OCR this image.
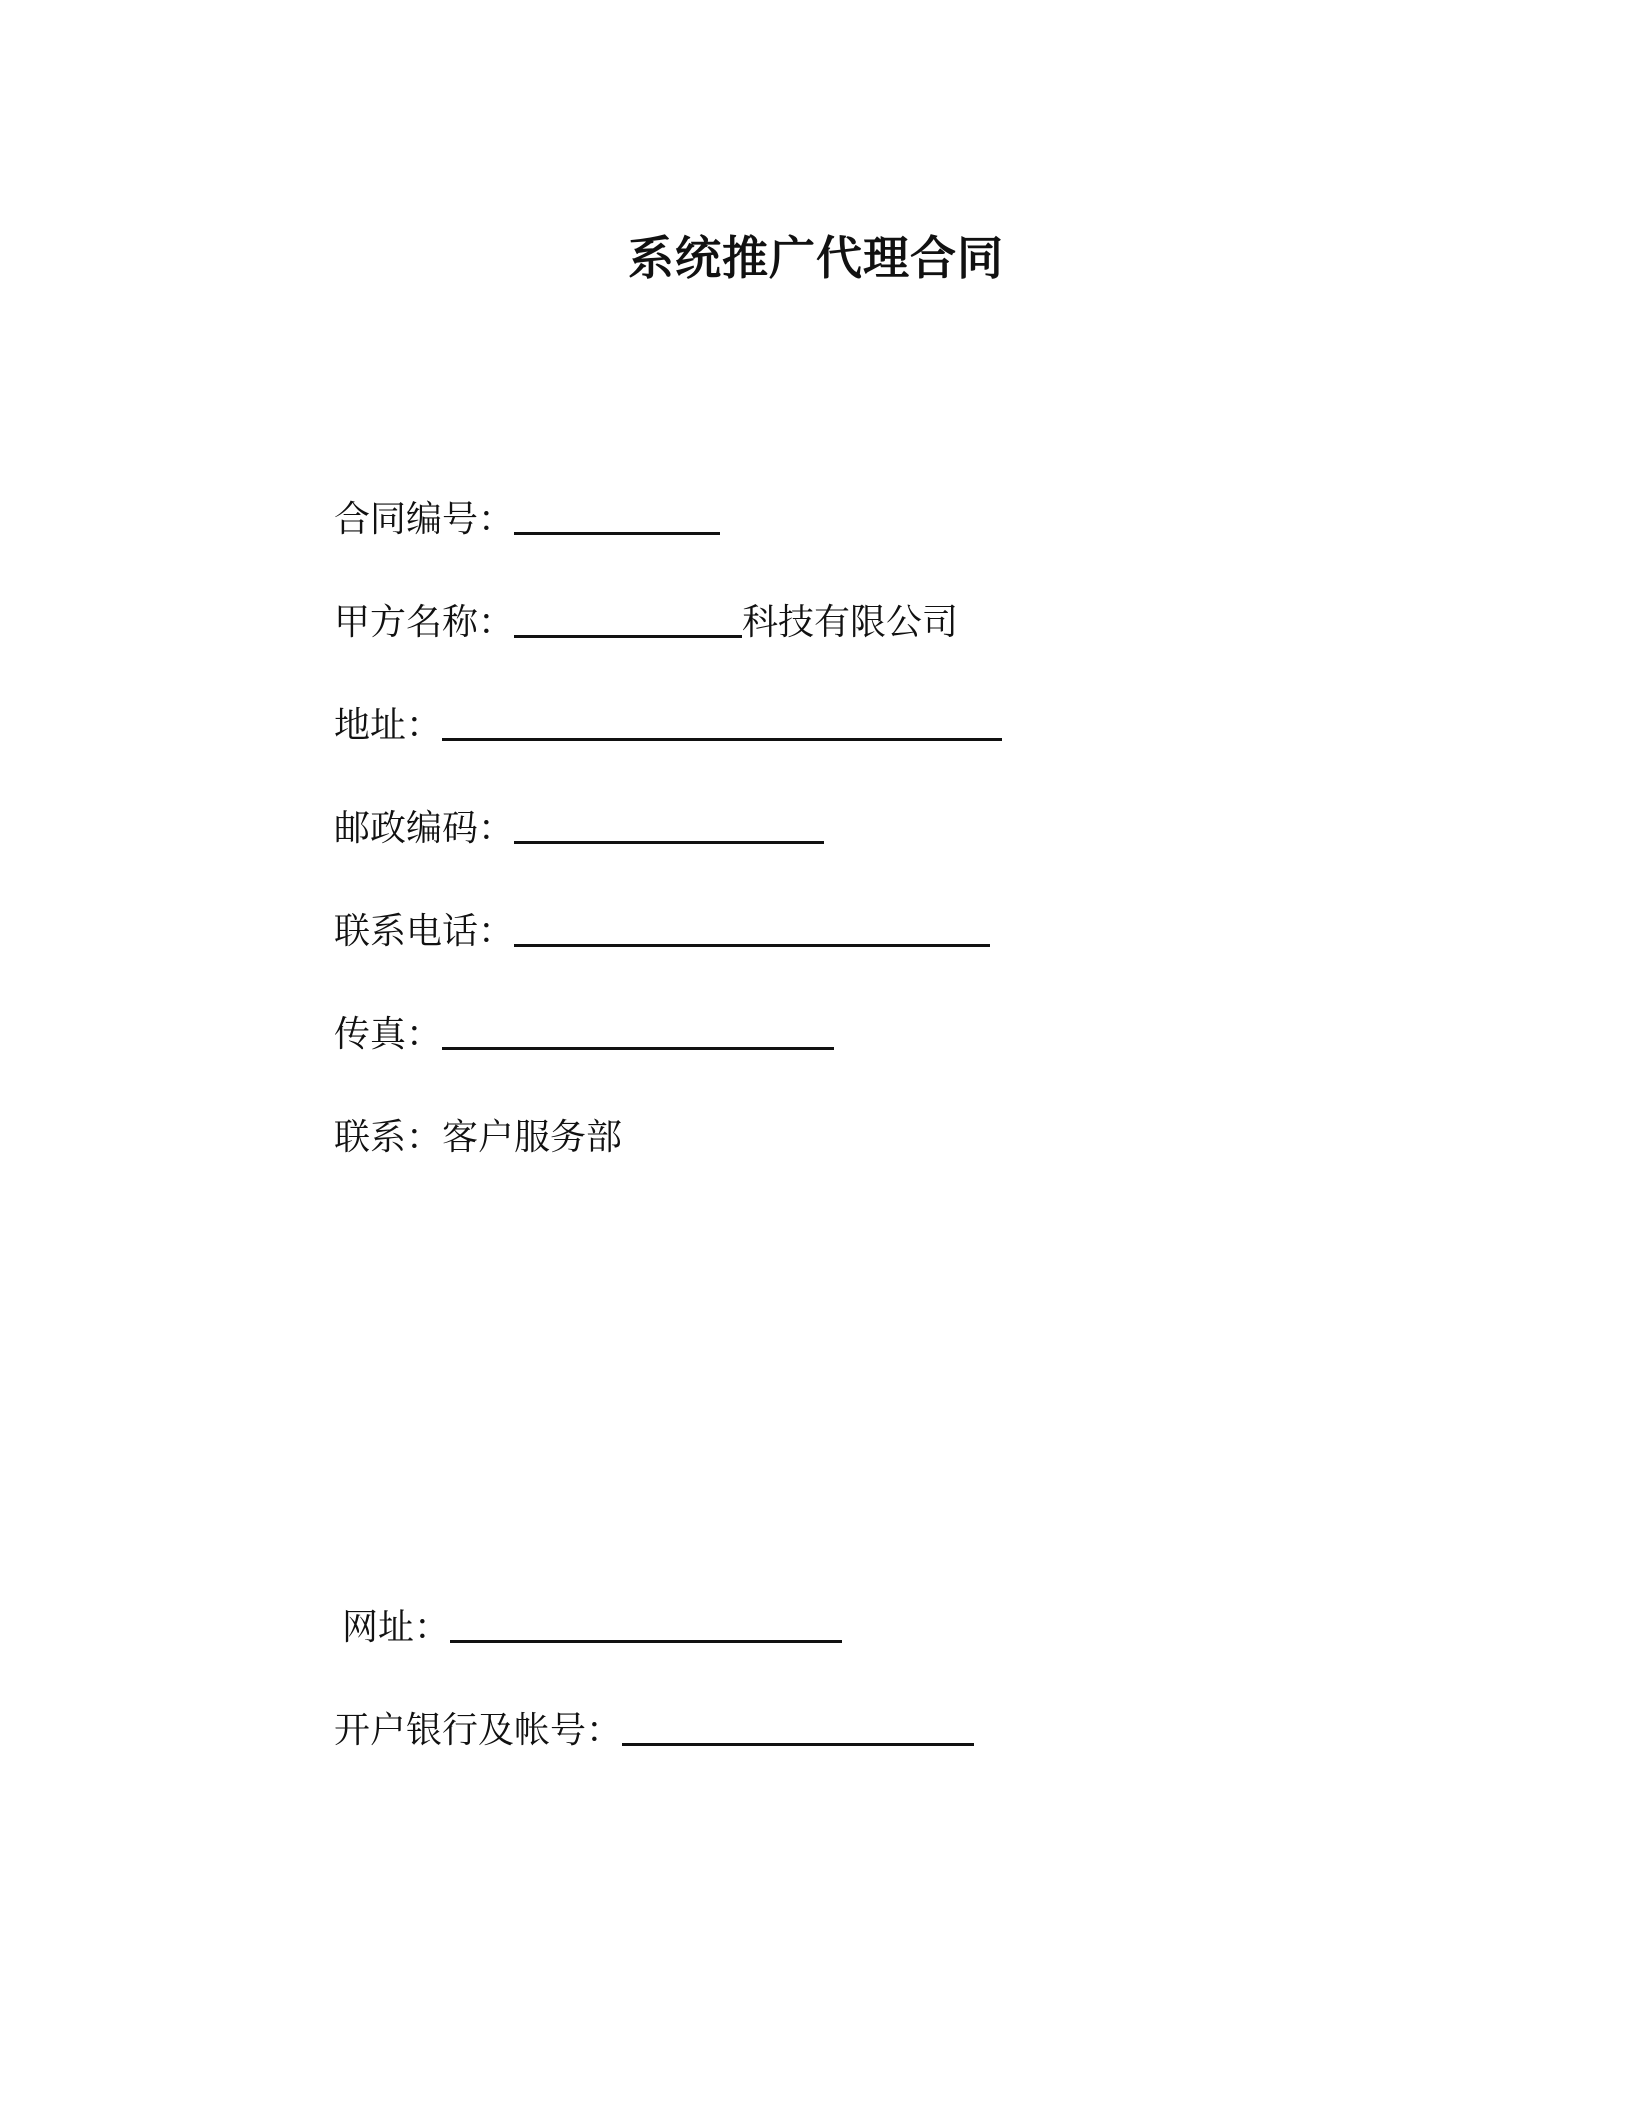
系统推广代理合同
合同编号：
甲方名称：	科技有限公司
地址：
邮政编码：
联系电话：
传真：
联系：客户服务部
网址：
开户银行及帐号：
